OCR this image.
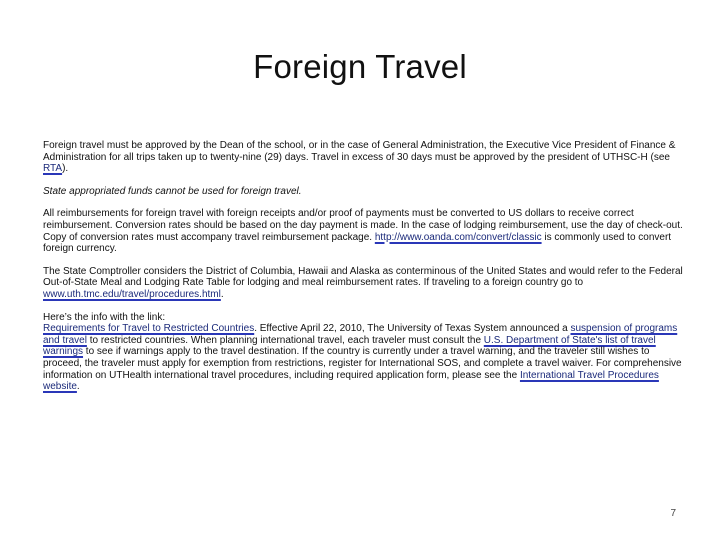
Foreign Travel

Foreign travel must be approved by the Dean of the school, or in the case of General Administration, the Executive Vice President of Finance & Administration for all trips taken up to twenty-nine (29) days. Travel in excess of 30 days must be approved by the president of UTHSC-H (see RTA).

State appropriated funds cannot be used for foreign travel.

All reimbursements for foreign travel with foreign receipts and/or proof of payments must be converted to US dollars to receive correct reimbursement. Conversion rates should be based on the day payment is made. In the case of lodging reimbursement, use the day of check-out. Copy of conversion rates must accompany travel reimbursement package. http://www.oanda.com/convert/classic is commonly used to convert foreign currency.

The State Comptroller considers the District of Columbia, Hawaii and Alaska as conterminous of the United States and would refer to the Federal Out-of-State Meal and Lodging Rate Table for lodging and meal reimbursement rates. If traveling to a foreign country go to www.uth.tmc.edu/travel/procedures.html.

Here’s the info with the link:
Requirements for Travel to Restricted Countries. Effective April 22, 2010, The University of Texas System announced a suspension of programs and travel to restricted countries. When planning international travel, each traveler must consult the U.S. Department of State's list of travel warnings to see if warnings apply to the travel destination. If the country is currently under a travel warning, and the traveler still wishes to proceed, the traveler must apply for exemption from restrictions, register for International SOS, and complete a travel waiver. For comprehensive information on UTHealth international travel procedures, including required application form, please see the International Travel Procedures website.

7
